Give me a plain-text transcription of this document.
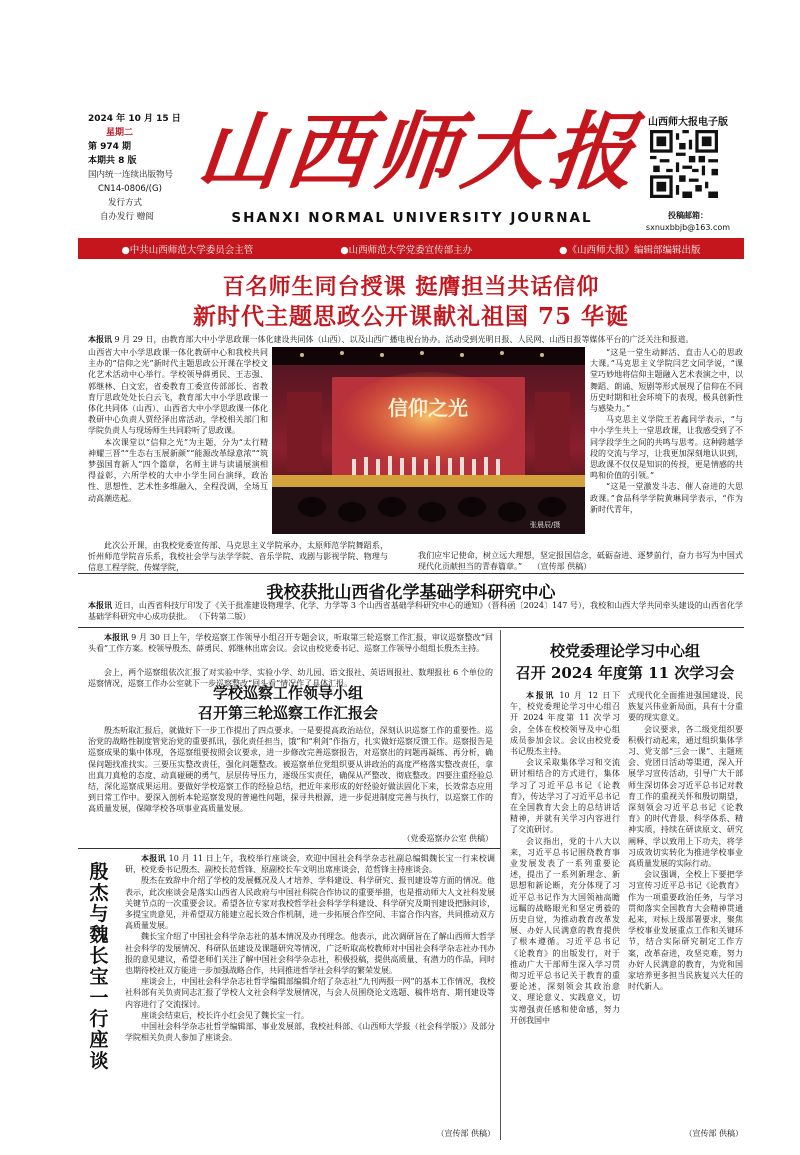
2024 年 10 月 15 日
星期二
第 974 期
本期共 8 版
国内统一连续出版物号
CN14-0806/(G)
发行方式
自办发行 赠阅
山西师大报
SHANXI NORMAL UNIVERSITY JOURNAL
山西师大报电子版
投稿邮箱：
sxnuxbbjb@163.com
●中共山西师范大学委员会主管	●山西师范大学党委宣传部主办	●《山西师大报》编辑部编辑出版
百名师生同台授课 挺膺担当共话信仰
新时代主题思政公开课献礼祖国 75 华诞
本报讯 9 月 29 日，由教育部大中小学思政课一体化建设共同体（山西）、以及山西广播电视台协办。活动受到光明日报、人民网、山西日报等媒体平台的广泛关注和报道。

山西省大中小学思政课一体化教研中心和我校共同主办的“信仰之光”新时代主题思政公开课在学校文化艺术活动中心举行。学校领导薛勇民、王志强、郭继林、白文宏，省委教育工委宣传部部长、省教育厅思政处处长白云飞，教育部大中小学思政课一体化共同体（山西）、山西省大中小学思政课一体化教研中心负责人贾经泽出席活动，学校相关部门和学院负责人与现场师生共同聆听了思政课。

本次课堂以“信仰之光”为主题，分为“太行精神耀三晋”“生态右玉展新颜”“能源改革绿意浓”“筑梦强国育新人”四个篇章，名师主讲与读诵展演相得益彰，六所学校的大中小学生同台演绎，政治性、思想性、艺术性多维融入，全程没调，全场互动高潮迭起。

信仰之光
张晨辰/摄

此次公开课，由我校党委宣传部、马克思主义学院承办，太原师范学院舞蹈系，忻州师范学院音乐系，我校社会学与法学学院、音乐学院、戏剧与影视学院、物理与信息工程学院、传媒学院，

我们应牢记使命，树立远大理想，坚定报国信念，砥砺奋进、逐梦前行，奋力书写为中国式现代化贡献担当的青春篇章。” （宣传部 供稿）

“这是一堂生动鲜活、直击人心的思政大课。”马克思主义学院闫艺文同学说，“课堂巧妙地将信仰主题融入艺术表演之中，以舞蹈、朗诵、短剧等形式展现了信仰在不同历史时期和社会环境下的表现，极具创新性与感染力。”

马克思主义学院王若鑫同学表示，“与中小学生共上一堂思政课，让我感受到了不同学段学生之间的共鸣与思考。这种跨越学段的交流与学习，让我更加深刻地认识到，思政课不仅仅是知识的传授，更是情感的共鸣和价值的引领。”

“这是一堂激发斗志、催人奋进的大思政课。”食品科学学院黄琳同学表示，“作为新时代青年，

我校获批山西省化学基础学科研究中心
本报讯 近日，山西省科技厅印发了《关于批准建设物理学、化学、力学等 3 个山西省基础学科研究中心的通知》（晋科函〔2024〕147 号），我校和山西大学共同牵头建设的山西省化学基础学科研究中心成功获批。 （下转第二版）

本报讯 9 月 30 日上午，学校巡察工作领导小组召开专题会议，听取第三轮巡察工作汇报，审议巡察整改“回头看”工作方案。校领导殷杰、薛勇民、郭继林出席会议。会议由校党委书记、巡察工作领导小组组长殷杰主持。

会上，两个巡察组依次汇报了对实验中学、实验小学、幼儿园、语文报社、英语周报社、数理报社 6 个单位的巡察情况，巡察工作办公室就下一步巡察整改“回头看”情况作了具体汇报。

学校巡察工作领导小组
召开第三轮巡察工作汇报会

殷杰听取汇报后，就做好下一步工作提出了四点要求。一是要提高政治站位，深刻认识巡察工作的重要性。巡治党的战略性制度管党治党的重要抓讯，强化责任担当，饿”和“利剑”作指方，扎实做好巡察反馈工作。巡察报告是巡察成果的集中体现，各巡察组要按照会议要求，进一步修改完善巡察报告，对巡察出的问题再凝练、再分析，确保问题找准找实。三要压实整改责任，强化问题整改。被巡察单位党组织要从讲政治的高度严格落实整改责任，拿出真刀真枪的态度、动真碰硬的勇气，层层传导压力，逐级压实责任，确保从严整改、彻底整改。四要注重经验总结，深化巡察成果运用。要做好学校巡察工作的经验总结，把近年来形成的好经验好做法固化下来，长效常态应用到日常工作中。要深入剖析本轮巡察发现的普遍性问题，探寻共根源，进一步促进制度完善与执行，以巡察工作的高质量发展，保障学校各项事业高质量发展。

（党委巡察办公室 供稿）
殷杰与魏长宝一行座谈

本报讯 10 月 11 日上午，我校举行座谈会，欢迎中国社会科学杂志社副总编辑魏长宝一行来校调研，校党委书记殷杰、副校长范哲锋、原副校长车文明出席座谈会，范哲锋主持座谈会。

殷杰在致辞中介绍了学校的发展概况及人才培养、学科建设、科学研究、报刊建设等方面的情况。他表示，此次座谈会是落实山西省人民政府与中国社科院合作协议的重要举措，也是推动师大人文社科发展关键节点的一次重要会议。希望各位专家对我校哲学社会科学学科建设、科学研究及期刊建设把脉问诊，多提宝贵意见，并希望双方能建立起长效合作机制，进一步拓展合作空间、丰富合作内容，共同推动双方高质量发展。

魏长宝介绍了中国社会科学杂志社的基本情况及办刊理念。他表示，此次调研旨在了解山西师大哲学社会科学的发展情况、科研队伍建设及课题研究等情况，广泛听取高校教师对中国社会科学杂志社办刊办报的意见建议，希望老师们关注了解中国社会科学杂志社，积极投稿，提供高质量、有潜力的作品，同时也期待校社双方能进一步加强战略合作，共同推进哲学社会科学的繁荣发展。

座谈会上，中国社会科学杂志社哲学编辑部编辑介绍了杂志社“九刊两报一网”的基本工作情况，我校社科部有关负责同志汇报了学校人文社会科学发展情况，与会人员围绕论文选题、稿件培育、期刊建设等内容进行了交流探讨。

座谈会结束后，校长许小红会见了魏长宝一行。

中国社会科学杂志社哲学编辑部、事业发展部，我校社科部、《山西师大学报（社会科学版）》及部分学院相关负责人参加了座谈会。

（宣传部 供稿）
校党委理论学习中心组
召开 2024 年度第 11 次学习会

本报讯 10 月 12 日下午，校党委理论学习中心组召开 2024 年度第 11 次学习会，全体在校校领导及中心组成员参加会议。会议由校党委书记殷杰主持。

会议采取集体学习和交流研讨相结合的方式进行，集体学习了习近平总书记《论教育》，传达学习了习近平总书记在全国教育大会上的总结讲话精神，并就有关学习内容进行了交流研讨。

会议指出，党的十八大以来，习近平总书记围绕教育事业发展发表了一系列重要论述，提出了一系列新理念、新思想和新论断，充分体现了习近平总书记作为大国领袖高瞻远瞩的战略眼光和坚定勇毅的历史自觉，为推动教育改革发展、办好人民满意的教育提供了根本遵循。习近平总书记《论教育》的出版发行，对于推动广大干部师生深入学习贯彻习近平总书记关于教育的重要论述，深刻领会其政治意义、理论意义、实践意义，切实增强责任感和使命感，努力开创我国中

式现代化全面推进强国建设、民族复兴伟业新局面，具有十分重要的现实意义。

会议要求，各二级党组织要积极行动起来，通过组织集体学习、党支部“三会一课”、主题班会、党团日活动等渠道，深入开展学习宣传活动，引导广大干部师生深切体会习近平总书记对教育工作的重视关怀和殷切期望，深刻领会习近平总书记《论教育》的时代背景、科学体系、精神实质，持续在研读原文、研究阐释、学以致用上下功夫，将学习成效切实转化为推进学校事业高质量发展的实际行动。

会议强调，全校上下要把学习宣传习近平总书记《论教育》作为一项重要政治任务，与学习贯彻落实全国教育大会精神贯通起来，对标上级部署要求，聚焦学校事业发展重点工作和关键环节，结合实际研究制定工作方案，改革奋进，攻坚克难，努力办好人民满意的教育，为党和国家培养更多担当民族复兴大任的时代新人。

（宣传部 供稿）
